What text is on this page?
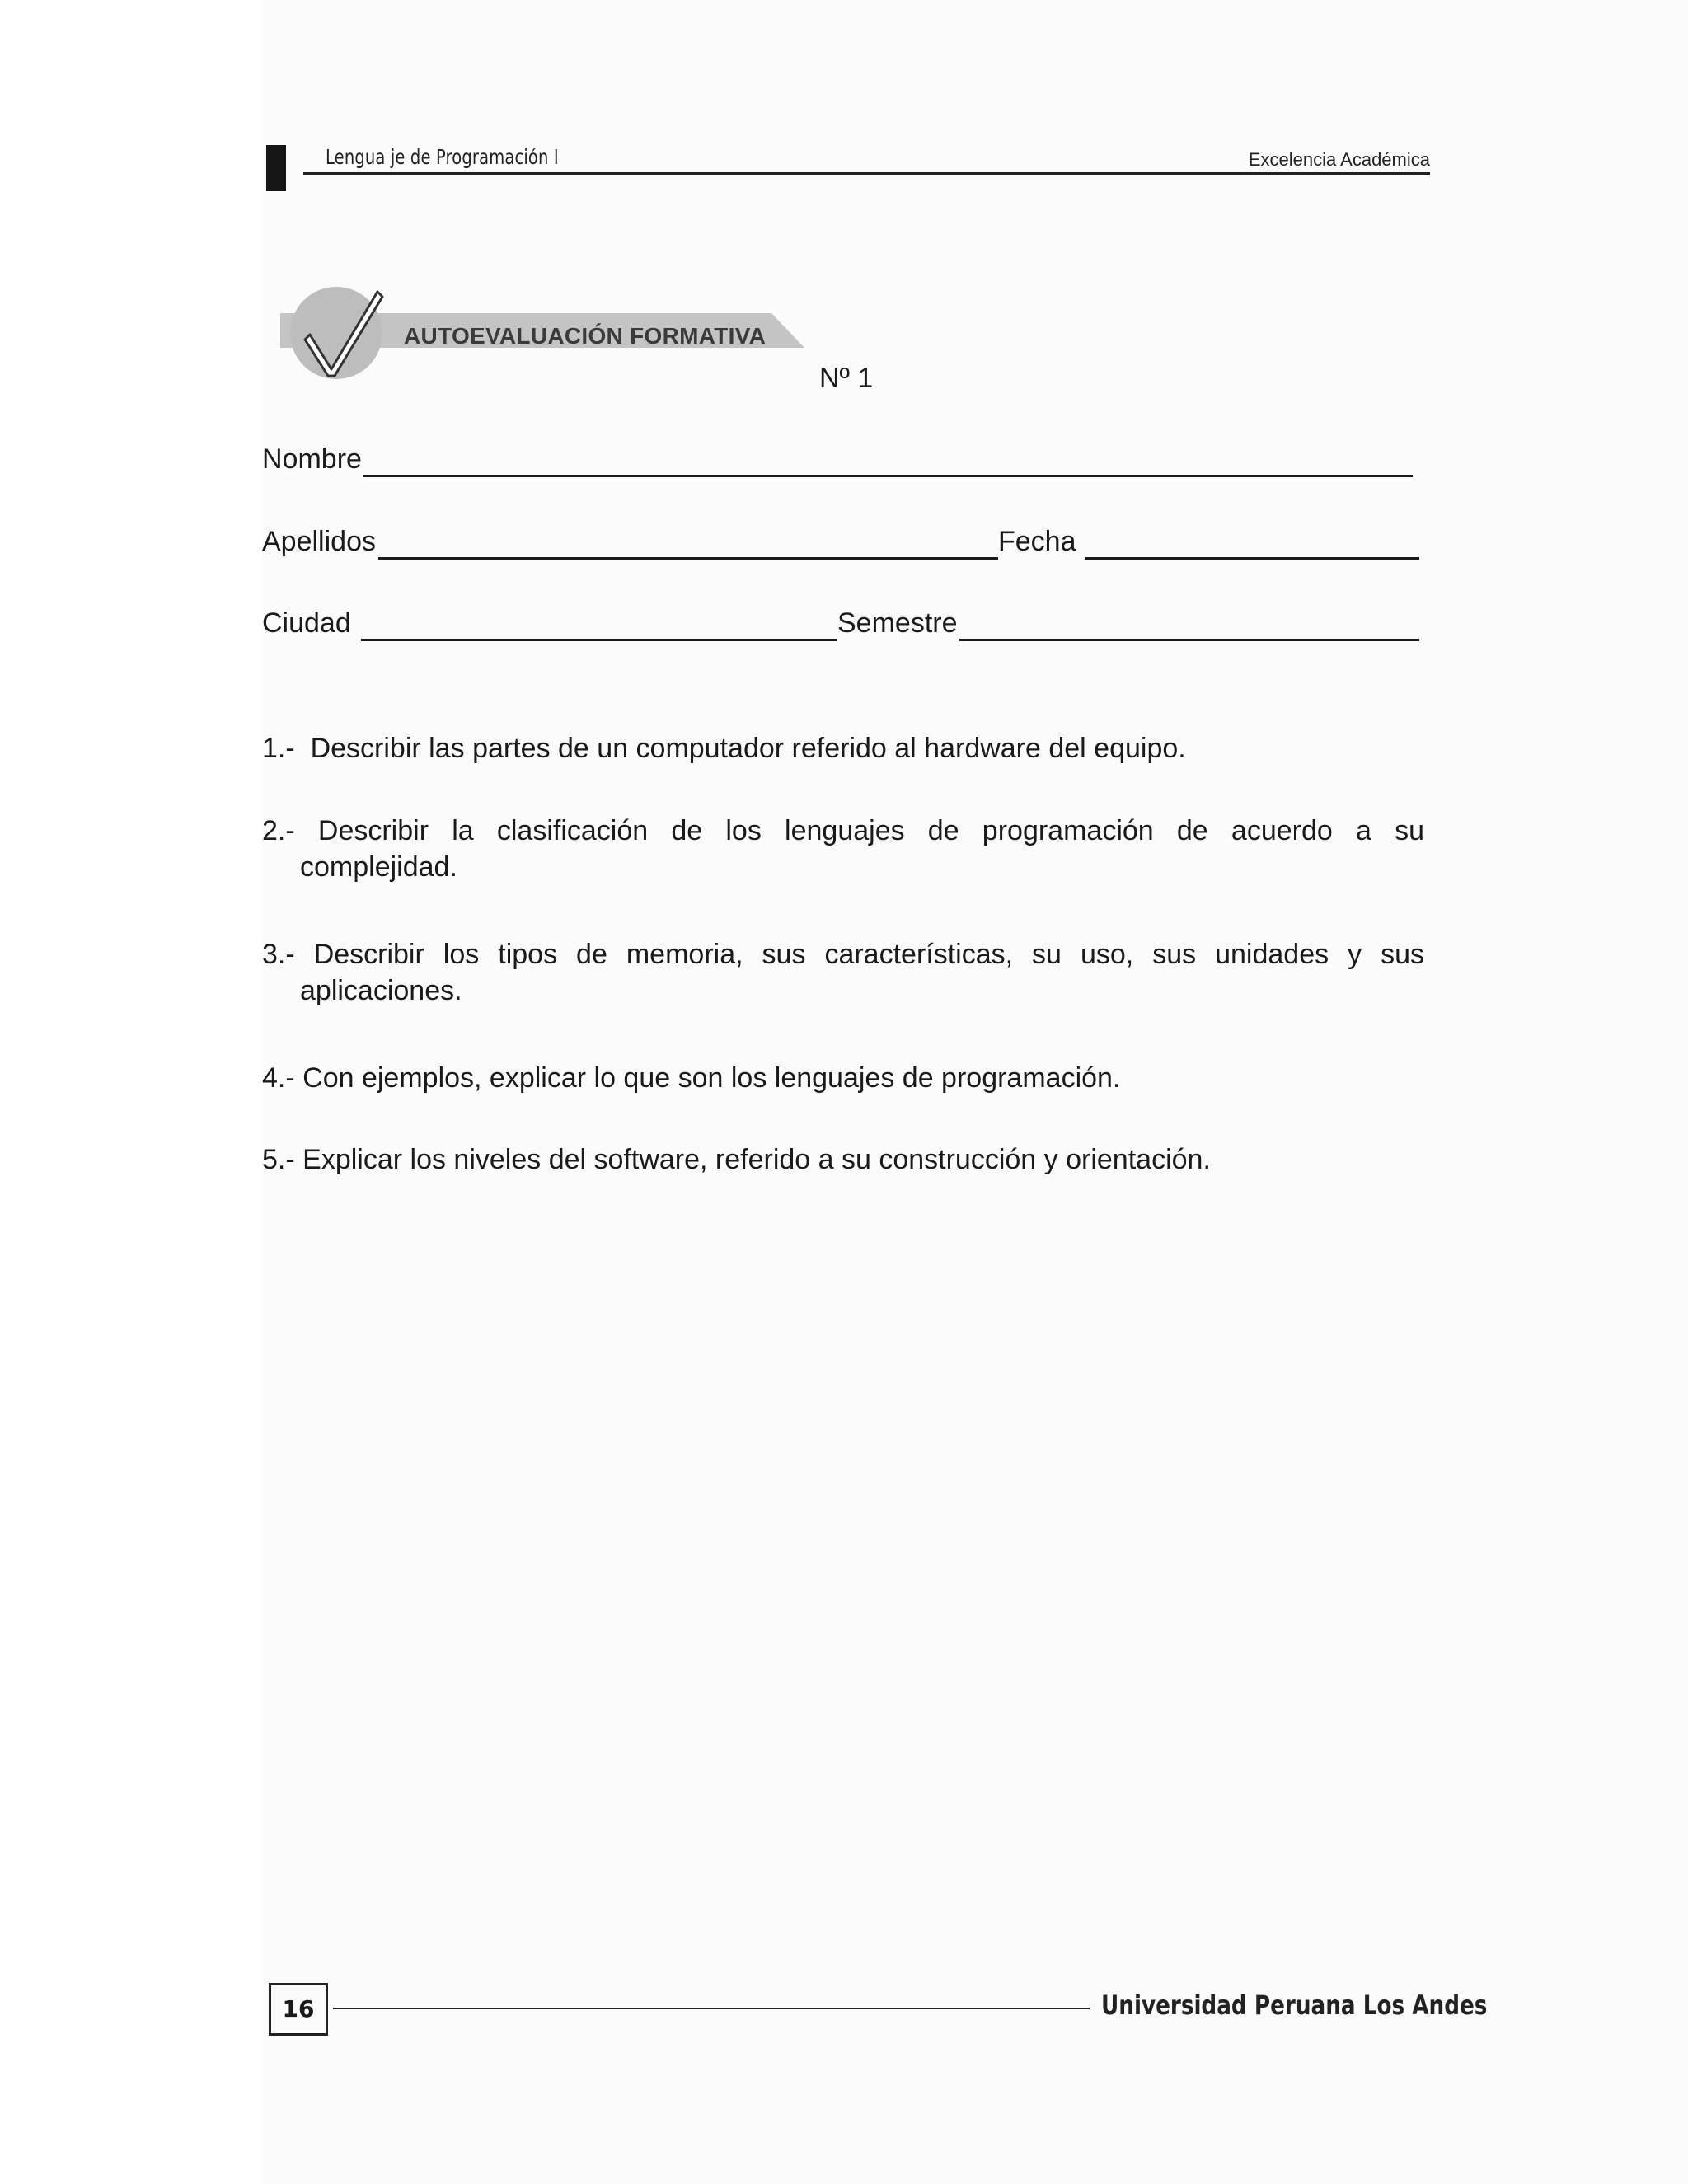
Lengua je de Programación I	Excelencia Académica
AUTOEVALUACIÓN FORMATIVA
Nº 1
Nombre
Apellidos	Fecha
Ciudad	Semestre
1.- Describir las partes de un computador referido al hardware del equipo.
2.- Describir la clasificación de los lenguajes de programación de acuerdo a su
complejidad.
3.- Describir los tipos de memoria, sus características, su uso, sus unidades y sus
aplicaciones.
4.- Con ejemplos, explicar lo que son los lenguajes de programación.
5.- Explicar los niveles del software, referido a su construcción y orientación.
16	Universidad Peruana Los Andes
